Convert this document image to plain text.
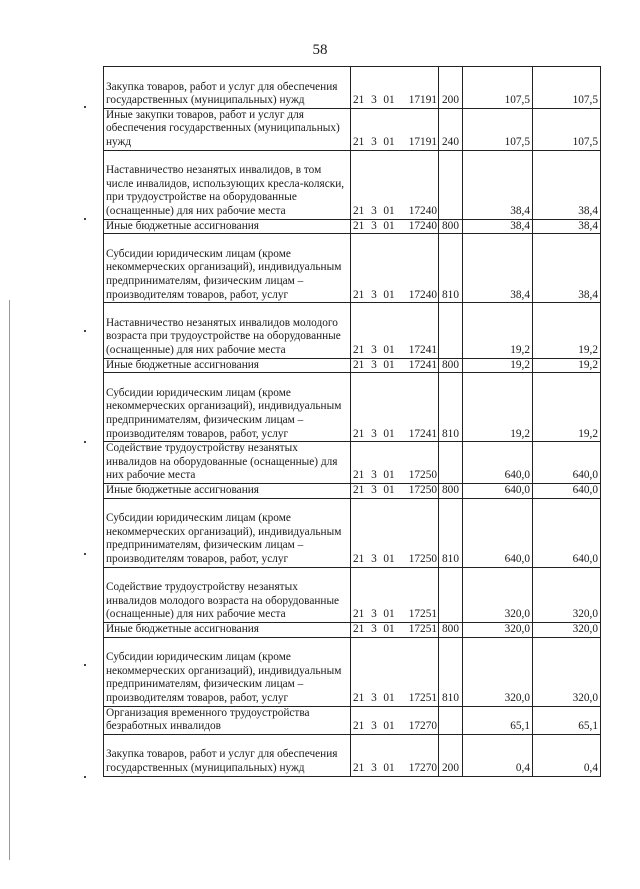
58
Закупка товаров, работ и услуг для обеспечения государственных (муниципальных) нужд	21 3 01 17191	200	107,5	107,5
Иные закупки товаров, работ и услуг для обеспечения государственных (муниципальных) нужд	21 3 01 17191	240	107,5	107,5
Наставничество незанятых инвалидов, в том числе инвалидов, использующих кресла-коляски, при трудоустройстве на оборудованные (оснащенные) для них рабочие места	21 3 01 17240		38,4	38,4
Иные бюджетные ассигнования	21 3 01 17240	800	38,4	38,4
Субсидии юридическим лицам (кроме некоммерческих организаций), индивидуальным предпринимателям, физическим лицам – производителям товаров, работ, услуг	21 3 01 17240	810	38,4	38,4
Наставничество незанятых инвалидов молодого возраста при трудоустройстве на оборудованные (оснащенные) для них рабочие места	21 3 01 17241		19,2	19,2
Иные бюджетные ассигнования	21 3 01 17241	800	19,2	19,2
Субсидии юридическим лицам (кроме некоммерческих организаций), индивидуальным предпринимателям, физическим лицам – производителям товаров, работ, услуг	21 3 01 17241	810	19,2	19,2
Содействие трудоустройству незанятых инвалидов на оборудованные (оснащенные) для них рабочие места	21 3 01 17250		640,0	640,0
Иные бюджетные ассигнования	21 3 01 17250	800	640,0	640,0
Субсидии юридическим лицам (кроме некоммерческих организаций), индивидуальным предпринимателям, физическим лицам – производителям товаров, работ, услуг	21 3 01 17250	810	640,0	640,0
Содействие трудоустройству незанятых инвалидов молодого возраста на оборудованные (оснащенные) для них рабочие места	21 3 01 17251		320,0	320,0
Иные бюджетные ассигнования	21 3 01 17251	800	320,0	320,0
Субсидии юридическим лицам (кроме некоммерческих организаций), индивидуальным предпринимателям, физическим лицам – производителям товаров, работ, услуг	21 3 01 17251	810	320,0	320,0
Организация временного трудоустройства безработных инвалидов	21 3 01 17270		65,1	65,1
Закупка товаров, работ и услуг для обеспечения государственных (муниципальных) нужд	21 3 01 17270	200	0,4	0,4
